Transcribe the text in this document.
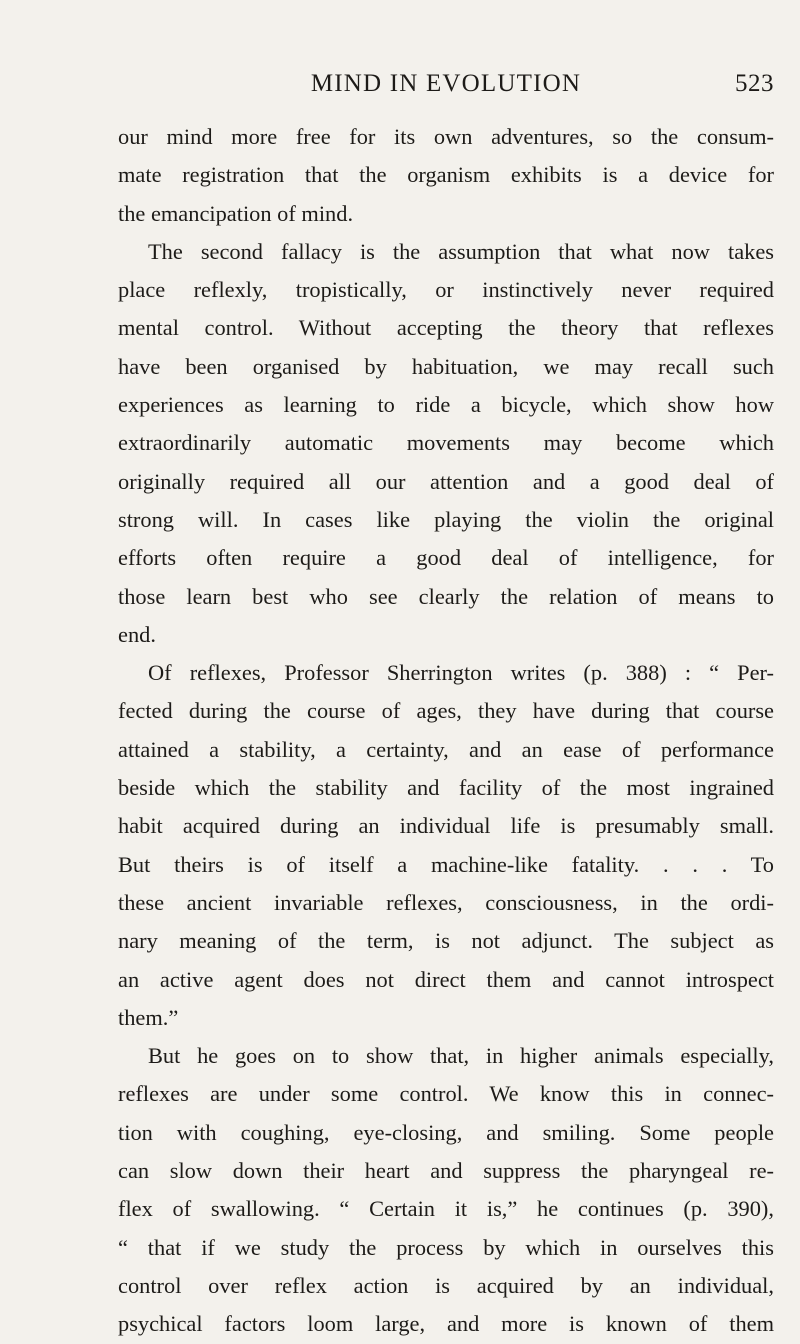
MIND IN EVOLUTION	523
our mind more free for its own adventures, so the consum-
mate registration that the organism exhibits is a device for
the emancipation of mind.
The second fallacy is the assumption that what now takes
place reflexly, tropistically, or instinctively never required
mental control. Without accepting the theory that reflexes
have been organised by habituation, we may recall such
experiences as learning to ride a bicycle, which show how
extraordinarily automatic movements may become which
originally required all our attention and a good deal of
strong will. In cases like playing the violin the original
efforts often require a good deal of intelligence, for
those learn best who see clearly the relation of means to
end.
Of reflexes, Professor Sherrington writes (p. 388) : “ Per-
fected during the course of ages, they have during that course
attained a stability, a certainty, and an ease of performance
beside which the stability and facility of the most ingrained
habit acquired during an individual life is presumably small.
But theirs is of itself a machine-like fatality. . . . To
these ancient invariable reflexes, consciousness, in the ordi-
nary meaning of the term, is not adjunct. The subject as
an active agent does not direct them and cannot introspect
them.”
But he goes on to show that, in higher animals especially,
reflexes are under some control. We know this in connec-
tion with coughing, eye-closing, and smiling. Some people
can slow down their heart and suppress the pharyngeal re-
flex of swallowing. “ Certain it is,” he continues (p. 390),
“ that if we study the process by which in ourselves this
control over reflex action is acquired by an individual,
psychical factors loom large, and more is known of them
